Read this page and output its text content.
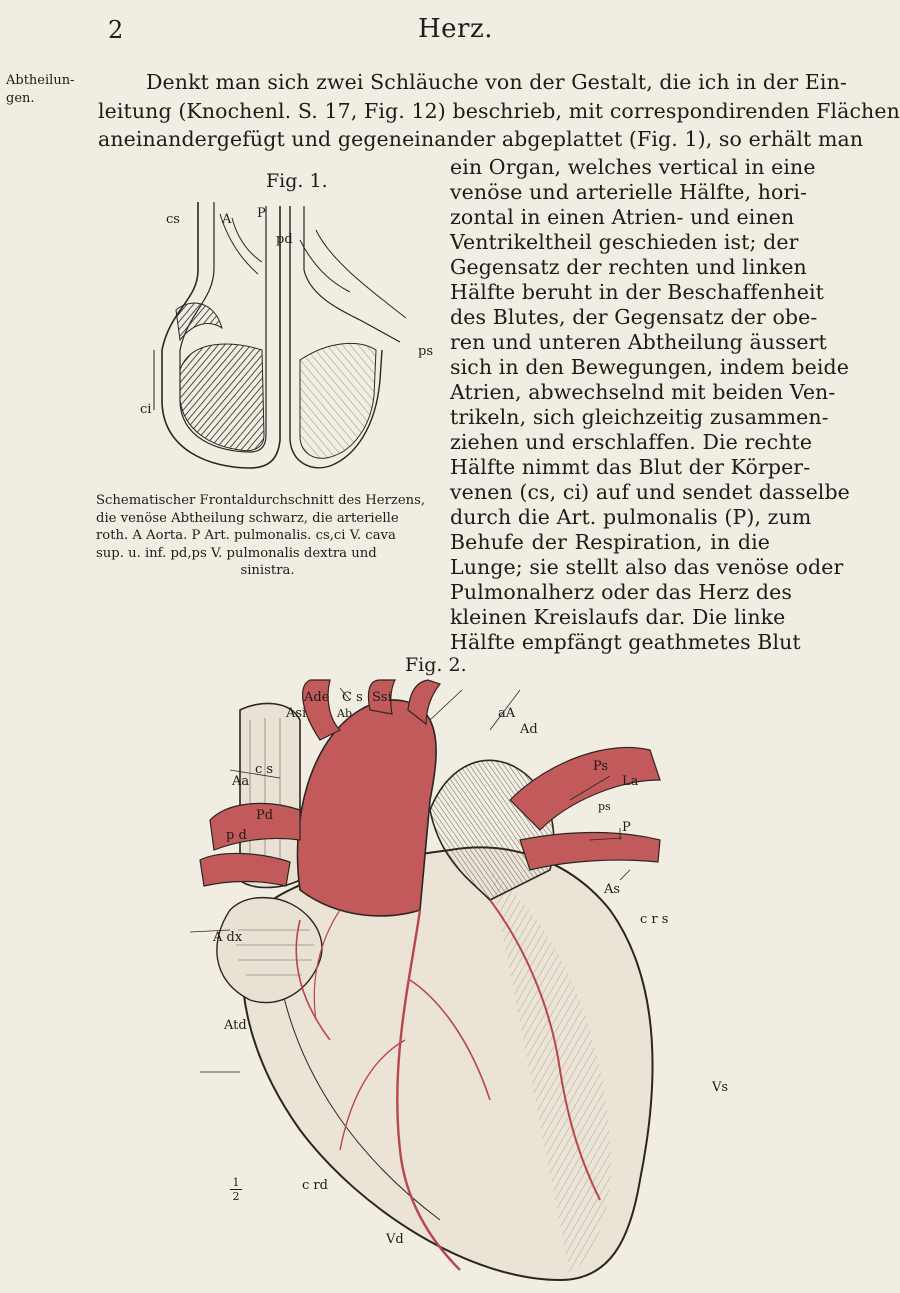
2	Herz.
Abtheilun-
gen.
Denkt man sich zwei Schläuche von der Gestalt, die ich in der Ein-
leitung (Knochenl. S. 17, Fig. 12) beschrieb, mit correspondirenden Flächen
aneinandergefügt und gegeneinander abgeplattet (Fig. 1), so erhält man
ein Organ, welches vertical in eine
venöse und arterielle Hälfte, hori-
zontal in einen Atrien- und einen
Ventrikeltheil geschieden ist; der
Gegensatz der rechten und linken
Hälfte beruht in der Beschaffenheit
des Blutes, der Gegensatz der obe-
ren und unteren Abtheilung äussert
sich in den Bewegungen, indem beide
Atrien, abwechselnd mit beiden Ven-
trikeln, sich gleichzeitig zusammen-
ziehen und erschlaffen. Die rechte
Hälfte nimmt das Blut der Körper-
venen (cs, ci) auf und sendet dasselbe
durch die Art. pulmonalis (P), zum
Behufe der Respiration, in die
Lunge; sie stellt also das venöse oder
Pulmonalherz oder das Herz des
kleinen Kreislaufs dar. Die linke
Hälfte empfängt geathmetes Blut
Fig. 1.
cs	A P
pd
ps
ci
Schematischer Frontaldurchschnitt des Herzens,
die venöse Abtheilung schwarz, die arterielle
roth. A Aorta. P Art. pulmonalis. cs,ci V. cava
sup. u. inf. pd,ps V. pulmonalis dextra und
sinistra.
Fig. 2.
Ade C s Ssi
Asi	Ab	aA
Ad
Aa
c s	Ps
La
Pd
ps
p d
P
As
c r s
A dx
Atd
Vs
c rd
Vd
$\frac{1}{2}$
